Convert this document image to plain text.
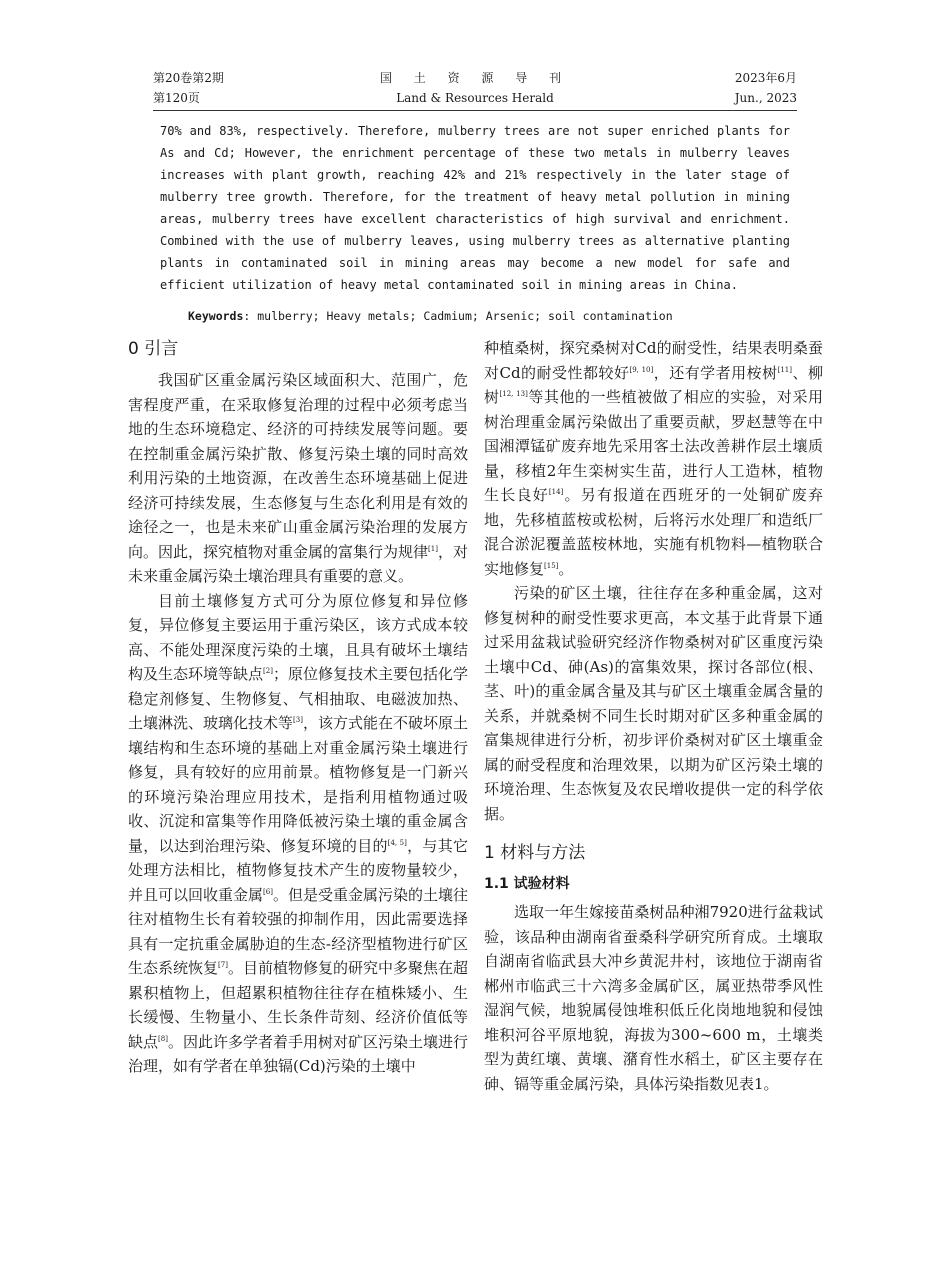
第20卷第2期	国 土 资 源 导 刊	2023年6月
第120页	Land & Resources Herald	Jun., 2023

70% and 83%, respectively. Therefore, mulberry trees are not super enriched plants for As and Cd; However, the enrichment percentage of these two metals in mulberry leaves increases with plant growth, reaching 42% and 21% respectively in the later stage of mulberry tree growth. Therefore, for the treatment of heavy metal pollution in mining areas, mulberry trees have excellent characteristics of high survival and enrichment. Combined with the use of mulberry leaves, using mulberry trees as alternative planting plants in contaminated soil in mining areas may become a new model for safe and efficient utilization of heavy metal contaminated soil in mining areas in China.

Keywords: mulberry; Heavy metals; Cadmium; Arsenic; soil contamination
0 引言

我国矿区重金属污染区域面积大、范围广，危害程度严重，在采取修复治理的过程中必须考虑当地的生态环境稳定、经济的可持续发展等问题。要在控制重金属污染扩散、修复污染土壤的同时高效利用污染的土地资源，在改善生态环境基础上促进经济可持续发展，生态修复与生态化利用是有效的途径之一，也是未来矿山重金属污染治理的发展方向。因此，探究植物对重金属的富集行为规律[1]，对未来重金属污染土壤治理具有重要的意义。

目前土壤修复方式可分为原位修复和异位修复，异位修复主要运用于重污染区，该方式成本较高、不能处理深度污染的土壤，且具有破坏土壤结构及生态环境等缺点[2]；原位修复技术主要包括化学稳定剂修复、生物修复、气相抽取、电磁波加热、土壤淋洗、玻璃化技术等[3]，该方式能在不破坏原土壤结构和生态环境的基础上对重金属污染土壤进行修复，具有较好的应用前景。植物修复是一门新兴的环境污染治理应用技术，是指利用植物通过吸收、沉淀和富集等作用降低被污染土壤的重金属含量，以达到治理污染、修复环境的目的[4, 5]，与其它处理方法相比，植物修复技术产生的废物量较少，并且可以回收重金属[6]。但是受重金属污染的土壤往往对植物生长有着较强的抑制作用，因此需要选择具有一定抗重金属胁迫的生态-经济型植物进行矿区生态系统恢复[7]。目前植物修复的研究中多聚焦在超累积植物上，但超累积植物往往存在植株矮小、生长缓慢、生物量小、生长条件苛刻、经济价值低等缺点[8]。因此许多学者着手用树对矿区污染土壤进行治理，如有学者在单独镉(Cd)污染的土壤中

种植桑树，探究桑树对Cd的耐受性，结果表明桑蚕对Cd的耐受性都较好[9, 10]，还有学者用桉树[11]、柳树[12, 13]等其他的一些植被做了相应的实验，对采用树治理重金属污染做出了重要贡献，罗赵慧等在中国湘潭锰矿废弃地先采用客土法改善耕作层土壤质量，移植2年生栾树实生苗，进行人工造林，植物生长良好[14]。另有报道在西班牙的一处铜矿废弃地，先移植蓝桉或松树，后将污水处理厂和造纸厂混合淤泥覆盖蓝桉林地，实施有机物料—植物联合实地修复[15]。

污染的矿区土壤，往往存在多种重金属，这对修复树种的耐受性要求更高，本文基于此背景下通过采用盆栽试验研究经济作物桑树对矿区重度污染土壤中Cd、砷(As)的富集效果，探讨各部位(根、茎、叶)的重金属含量及其与矿区土壤重金属含量的关系，并就桑树不同生长时期对矿区多种重金属的富集规律进行分析，初步评价桑树对矿区土壤重金属的耐受程度和治理效果，以期为矿区污染土壤的环境治理、生态恢复及农民增收提供一定的科学依据。

1 材料与方法
1.1 试验材料

选取一年生嫁接苗桑树品种湘7920进行盆栽试验，该品种由湖南省蚕桑科学研究所育成。土壤取自湖南省临武县大冲乡黄泥井村，该地位于湖南省郴州市临武三十六湾多金属矿区，属亚热带季风性湿润气候，地貌属侵蚀堆积低丘化岗地地貌和侵蚀堆积河谷平原地貌，海拔为300~600 m，土壤类型为黄红壤、黄壤、潴育性水稻土，矿区主要存在砷、镉等重金属污染，具体污染指数见表1。
